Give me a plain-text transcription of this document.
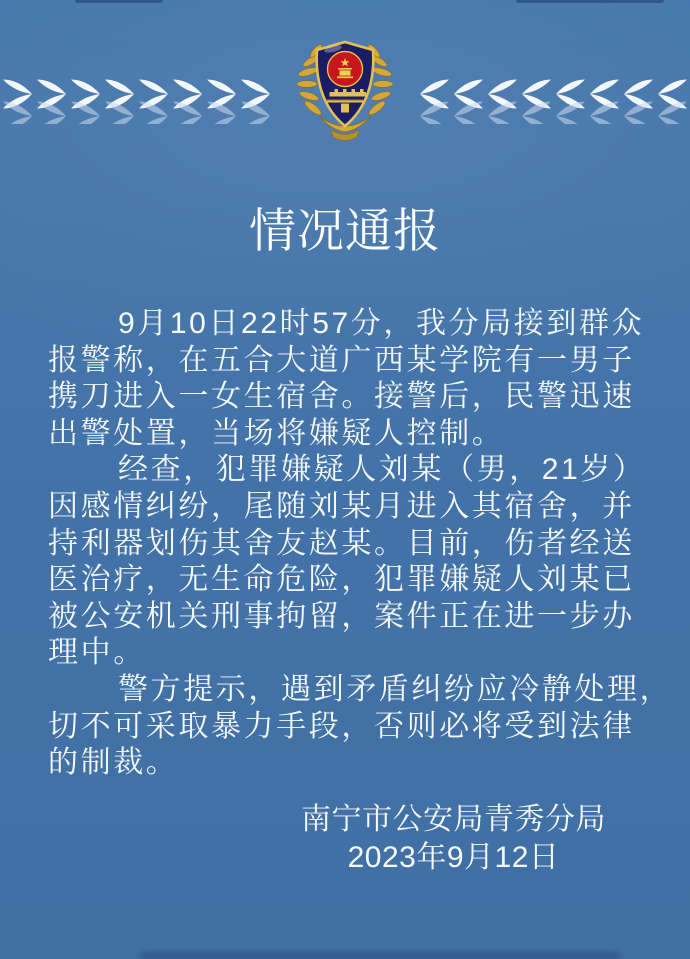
情况通报

9月10日22时57分，我分局接到群众

报警称，在五合大道广西某学院有一男子

携刀进入一女生宿舍。接警后，民警迅速

出警处置，当场将嫌疑人控制。

经查，犯罪嫌疑人刘某（男，21岁）

因感情纠纷，尾随刘某月进入其宿舍，并

持利器划伤其舍友赵某。目前，伤者经送

医治疗，无生命危险，犯罪嫌疑人刘某已

被公安机关刑事拘留，案件正在进一步办

理中。

警方提示，遇到矛盾纠纷应冷静处理，

切不可采取暴力手段，否则必将受到法律

的制裁。

南宁市公安局青秀分局
2023年9月12日
